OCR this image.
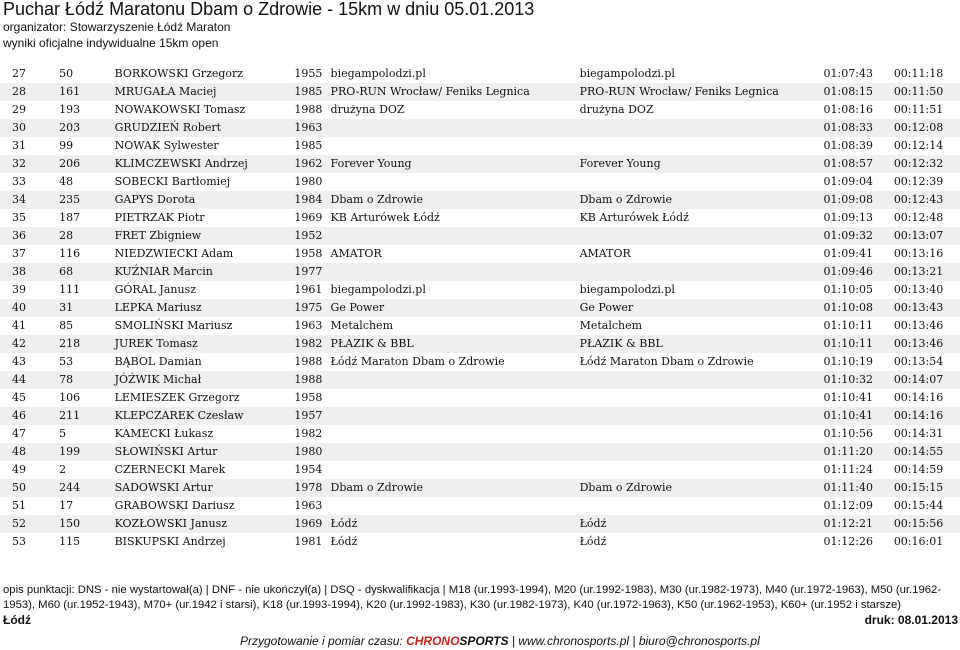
Puchar Łódź Maratonu Dbam o Zdrowie - 15km w dniu 05.01.2013

organizator: Stowarzyszenie Łódź Maraton

wyniki oficjalne indywidualne 15km open

27	50	BORKOWSKI Grzegorz	1955	biegampolodzi.pl	biegampolodzi.pl	01:07:43	00:11:18
28	161	MRUGAŁA Maciej	1985	PRO-RUN Wrocław/ Feniks Legnica	PRO-RUN Wrocław/ Feniks Legnica	01:08:15	00:11:50
29	193	NOWAKOWSKI Tomasz	1988	drużyna DOZ	drużyna DOZ	01:08:16	00:11:51
30	203	GRUDZIEŃ Robert	1963			01:08:33	00:12:08
31	99	NOWAK Sylwester	1985			01:08:39	00:12:14
32	206	KLIMCZEWSKI Andrzej	1962	Forever Young	Forever Young	01:08:57	00:12:32
33	48	SOBECKI Bartłomiej	1980			01:09:04	00:12:39
34	235	GAPYS Dorota	1984	Dbam o Zdrowie	Dbam o Zdrowie	01:09:08	00:12:43
35	187	PIETRZAK Piotr	1969	KB Arturówek Łódź	KB Arturówek Łódź	01:09:13	00:12:48
36	28	FRET Zbigniew	1952			01:09:32	00:13:07
37	116	NIEDZWIECKI Adam	1958	AMATOR	AMATOR	01:09:41	00:13:16
38	68	KUŹNIAR Marcin	1977			01:09:46	00:13:21
39	111	GÓRAL Janusz	1961	biegampolodzi.pl	biegampolodzi.pl	01:10:05	00:13:40
40	31	LEPKA Mariusz	1975	Ge Power	Ge Power	01:10:08	00:13:43
41	85	SMOLIŃSKI Mariusz	1963	Metalchem	Metalchem	01:10:11	00:13:46
42	218	JUREK Tomasz	1982	PŁAZIK & BBL	PŁAZIK & BBL	01:10:11	00:13:46
43	53	BĄBOL Damian	1988	Łódź Maraton Dbam o Zdrowie	Łódź Maraton Dbam o Zdrowie	01:10:19	00:13:54
44	78	JÓŹWIK Michał	1988			01:10:32	00:14:07
45	106	LEMIESZEK Grzegorz	1958			01:10:41	00:14:16
46	211	KLEPCZAREK Czesław	1957			01:10:41	00:14:16
47	5	KAMECKI Łukasz	1982			01:10:56	00:14:31
48	199	SŁOWIŃSKI Artur	1980			01:11:20	00:14:55
49	2	CZERNECKI Marek	1954			01:11:24	00:14:59
50	244	SADOWSKI Artur	1978	Dbam o Zdrowie	Dbam o Zdrowie	01:11:40	00:15:15
51	17	GRABOWSKI Dariusz	1963			01:12:09	00:15:44
52	150	KOZŁOWSKI Janusz	1969	Łódź	Łódź	01:12:21	00:15:56
53	115	BISKUPSKI Andrzej	1981	Łódź	Łódź	01:12:26	00:16:01

opis punktacji: DNS - nie wystartował(a) | DNF - nie ukończył(a) | DSQ - dyskwalifikacja | M18 (ur.1993-1994), M20 (ur.1992-1983), M30 (ur.1982-1973), M40 (ur.1972-1963), M50 (ur.1962-1953), M60 (ur.1952-1943), M70+ (ur.1942 i starsi), K18 (ur.1993-1994), K20 (ur.1992-1983), K30 (ur.1982-1973), K40 (ur.1972-1963), K50 (ur.1962-1953), K60+ (ur.1952 i starsze)

Łódź	druk: 08.01.2013
Przygotowanie i pomiar czasu: CHRONOSPORTS | www.chronosports.pl | biuro@chronosports.pl
